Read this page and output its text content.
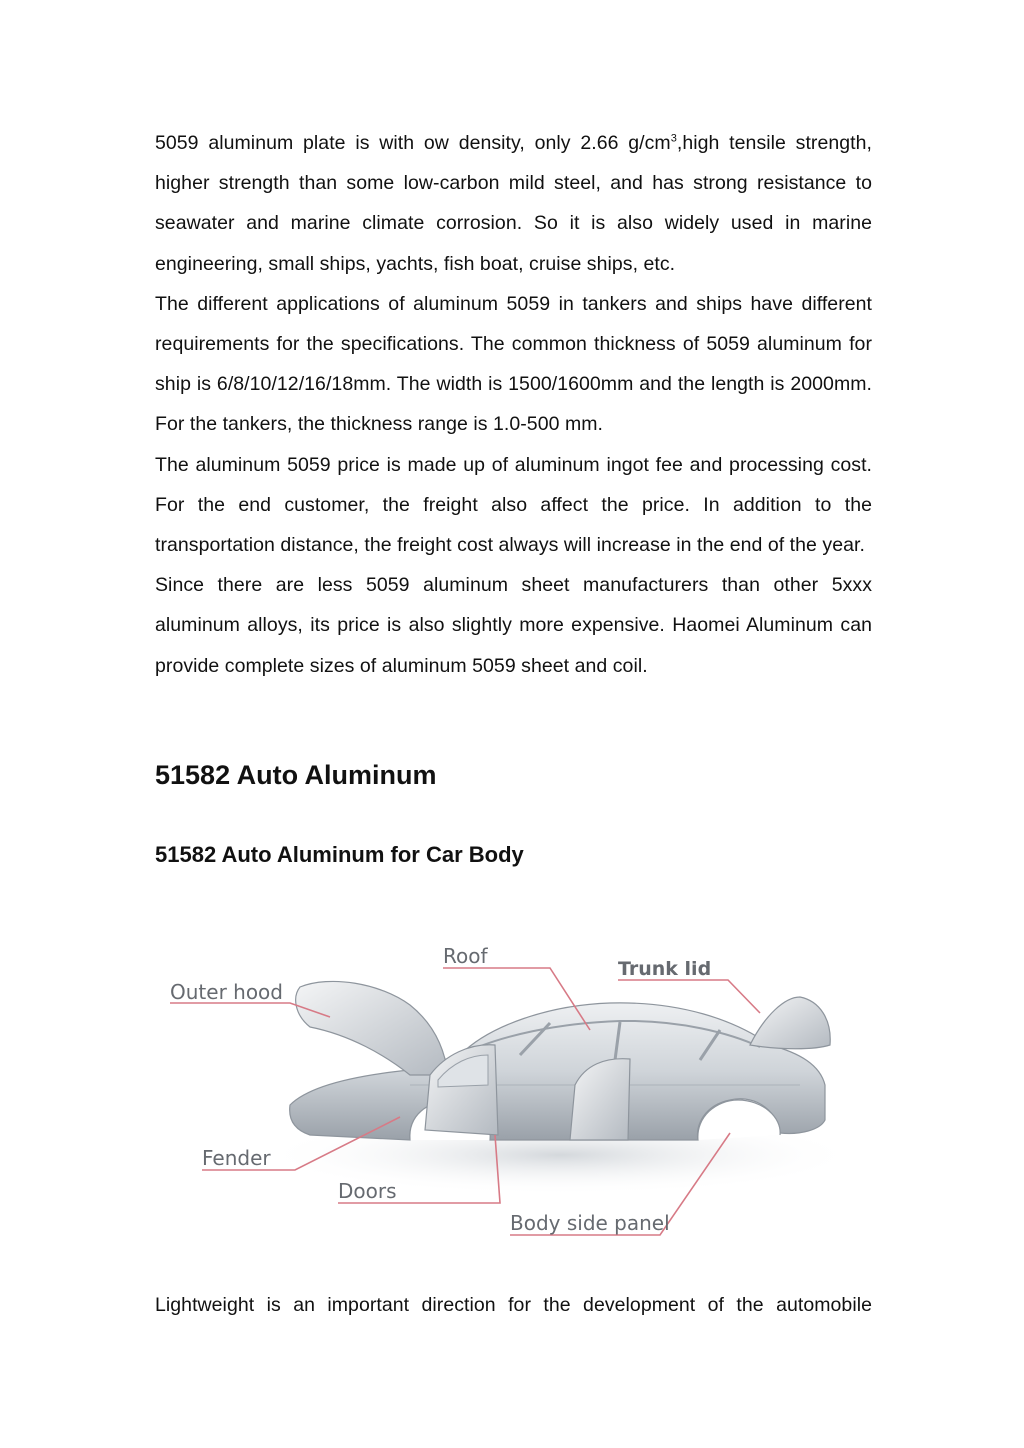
5059 aluminum plate is with ow density, only 2.66 $g/cm^3,high$ tensile strength, higher strength than some low-carbon mild steel, and has strong resistance to seawater and marine climate corrosion. So it is also widely used in marine engineering, small ships, yachts, fish boat, cruise ships, etc.

The different applications of aluminum 5059 in tankers and ships have different requirements for the specifications. The common thickness of 5059 aluminum for ship is 6/8/10/12/16/18mm. The width is 1500/1600mm and the length is 2000mm. For the tankers, the thickness range is 1.0-500 mm.

The aluminum 5059 price is made up of aluminum ingot fee and processing cost. For the end customer, the freight also affect the price. In addition to the transportation distance, the freight cost always will increase in the end of the year.

Since there are less 5059 aluminum sheet manufacturers than other 5xxx aluminum alloys, its price is also slightly more expensive. Haomei Aluminum can provide complete sizes of aluminum 5059 sheet and coil.

51582 Auto Aluminum
51582 Auto Aluminum for Car Body
Outer hood
Roof
Trunk lid
Fender
Doors
Body side panel

Lightweight is an important direction for the development of the automobile
